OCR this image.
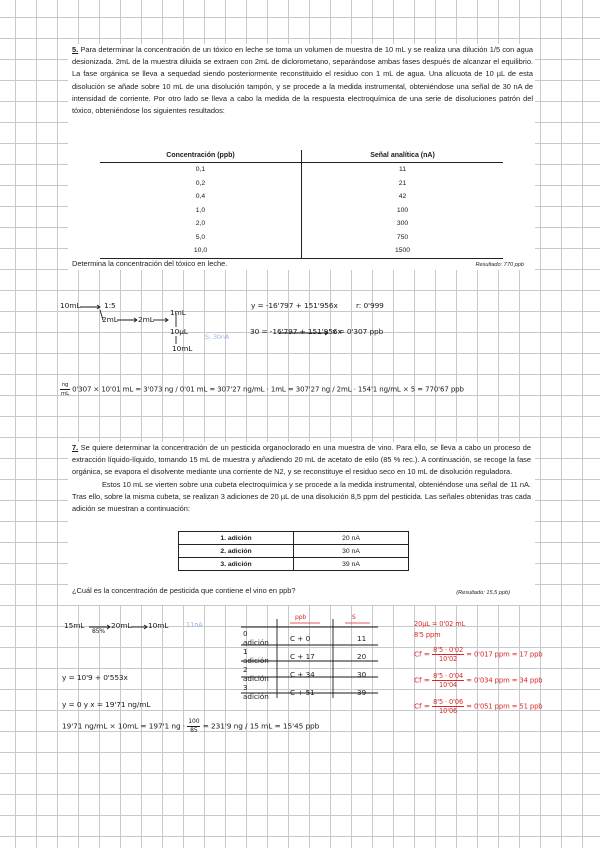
5. Para determinar la concentración de un tóxico en leche se toma un volumen de muestra de 10 mL y se realiza una dilución 1/5 con agua desionizada. 2mL de la muestra diluida se extraen con 2mL de diclorometano, separándose ambas fases después de alcanzar el equilibrio. La fase orgánica se lleva a sequedad siendo posteriormente reconstituido el residuo con 1 mL de agua. Una alícuota de 10 µL de esta disolución se añade sobre 10 mL de una disolución tampón, y se procede a la medida instrumental, obteniéndose una señal de 30 nA de intensidad de corriente. Por otro lado se lleva a cabo la medida de la respuesta electroquímica de una serie de disoluciones patrón del tóxico, obteniéndose los siguientes resultados:

Concentración (ppb)	Señal analítica (nA)
0,1	11
0,2	21
0,4	42
1,0	100
2,0	300
5,0	750
10,0	1500
Determina la concentración del tóxico en leche.	Resultado: 770 ppb
10mL	1:5
2mL	2mL
1mL
10µL
10mL
S: 30nA
y = -16'797 + 151'956x r: 0'999
30 = -16'797 + 151'956x
x = 0'307 ppb
$\frac{ng}{mL} 0'307 \times 10'01$ mL = 3'073 ng / 0'01 mL = 307'27 ng/mL · 1mL = 307'27 ng / 2mL · 154'1 ng/mL × 5 = 770'67 ppb

7. Se quiere determinar la concentración de un pesticida organoclorado en una muestra de vino. Para ello, se lleva a cabo un proceso de extracción líquido-líquido, tomando 15 mL de muestra y añadiendo 20 mL de acetato de etilo (85 % rec.). A continuación, se recoge la fase orgánica, se evapora el disolvente mediante una corriente de N2, y se reconstituye el residuo seco en 10 mL de disolución reguladora.

Estos 10 mL se vierten sobre una cubeta electroquímica y se procede a la medida instrumental, obteniéndose una señal de 11 nA. Tras ello, sobre la misma cubeta, se realizan 3 adiciones de 20 µL de una disolución 8,5 ppm del pesticida. Las señales obtenidas tras cada adición se muestran a continuación:

1. adición	20 nA
2. adición	30 nA
3. adición	39 nA
¿Cuál es la concentración de pesticida que contiene el vino en ppb?	(Resultado: 15,5 ppb)
15mL
85%
20mL 10mL	11nA
ppb	S
0 adición	C + 0	11
1 adición	C + 17	20
2 adición	C + 34	30
3 adición	C + 51	39
y = 10'9 + 0'553x
y = 0 y x = 19'71 ng/mL
19'71 ng/mL × 10mL = 197'1 ng · $\frac{100}{85} = 231'9$ ng / 15 mL = 15'45 ppb
20µL = 0'02 mL
8'5 ppm
$Cf = \frac{8'5 \cdot 0'02}{10'02} = 0'017$ ppm = 17 ppb
$Cf = \frac{8'5 \cdot 0'04}{10'04} = 0'034$ ppm = 34 ppb
$Cf = \frac{8'5 \cdot 0'06}{10'06} = 0'051$ ppm = 51 ppb
